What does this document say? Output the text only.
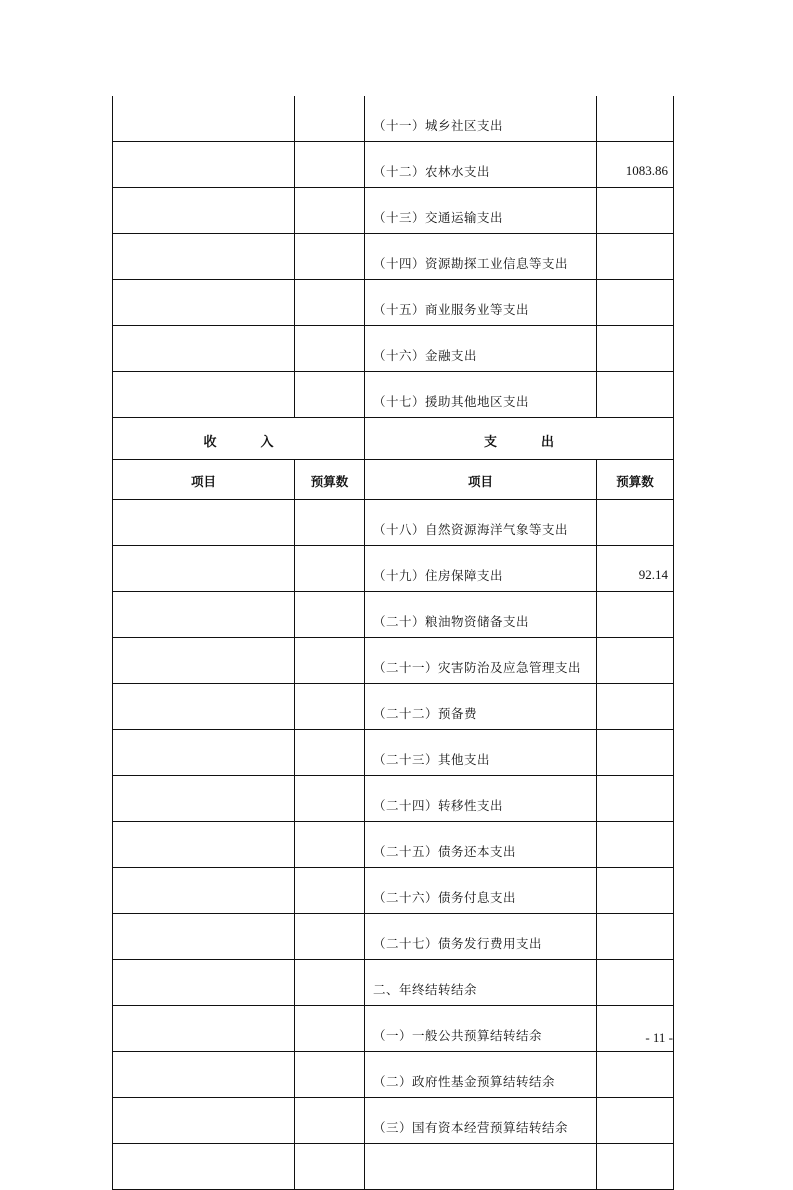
		（十一）城乡社区支出	
		（十二）农林水支出	1083.86
		（十三）交通运输支出	
		（十四）资源勘探工业信息等支出	
		（十五）商业服务业等支出	
		（十六）金融支出	
		（十七）援助其他地区支出	
收入		支出	
项目	预算数	项目	预算数
		（十八）自然资源海洋气象等支出	
		（十九）住房保障支出	92.14
		（二十）粮油物资储备支出	
		（二十一）灾害防治及应急管理支出	
		（二十二）预备费	
		（二十三）其他支出	
		（二十四）转移性支出	
		（二十五）债务还本支出	
		（二十六）债务付息支出	
		（二十七）债务发行费用支出	
		二、年终结转结余	
		（一）一般公共预算结转结余	
		（二）政府性基金预算结转结余	
		（三）国有资本经营预算结转结余	

- 11 -
